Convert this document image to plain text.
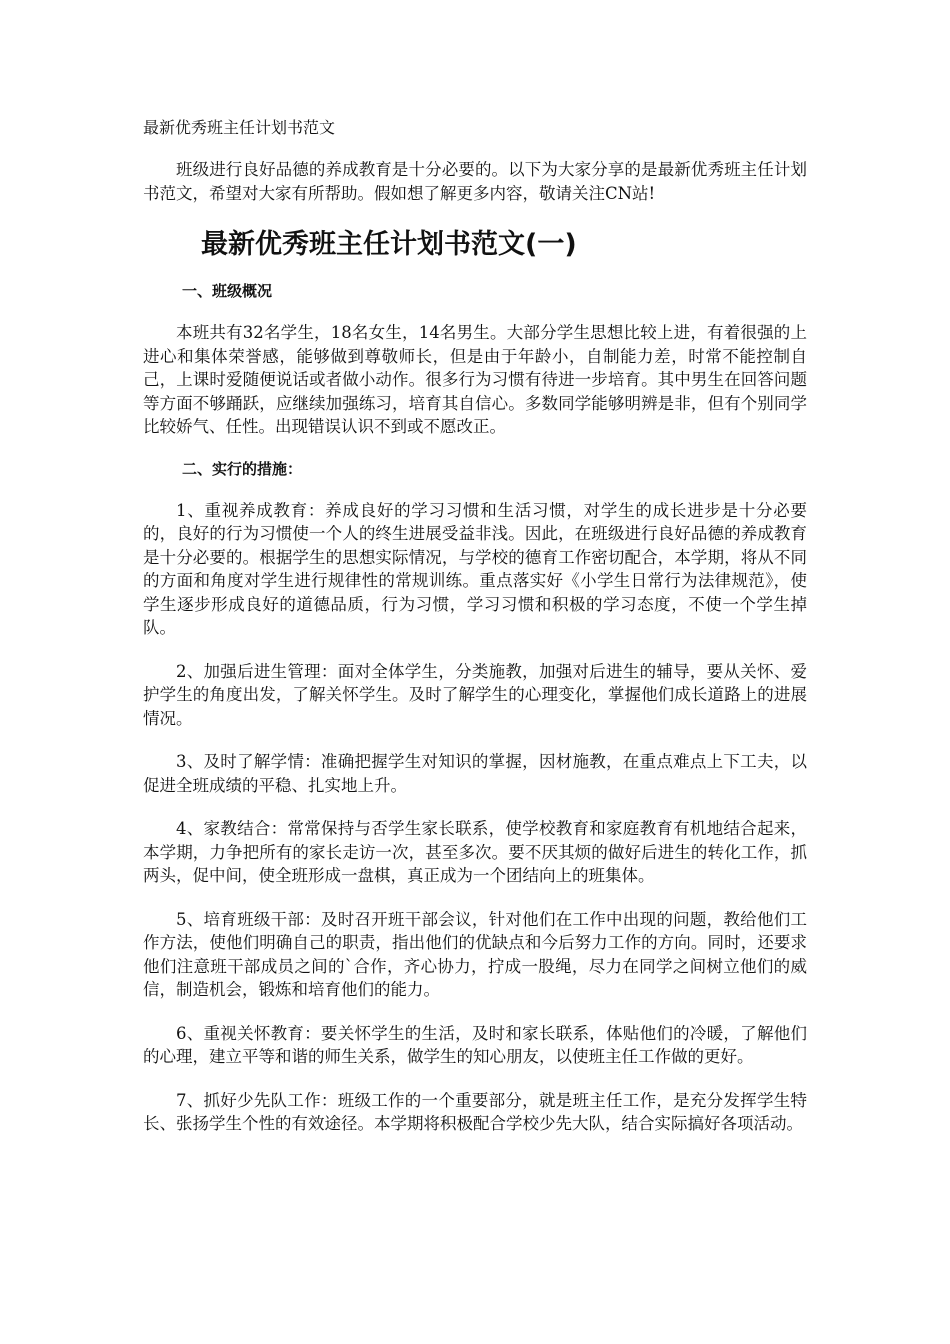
最新优秀班主任计划书范文

班级进行良好品德的养成教育是十分必要的。以下为大家分享的是最新优秀班主任计划书范文，希望对大家有所帮助。假如想了解更多内容，敬请关注CN站!

最新优秀班主任计划书范文(一)
一、班级概况

本班共有32名学生，18名女生，14名男生。大部分学生思想比较上进，有着很强的上进心和集体荣誉感，能够做到尊敬师长，但是由于年龄小，自制能力差，时常不能控制自己，上课时爱随便说话或者做小动作。很多行为习惯有待进一步培育。其中男生在回答问题等方面不够踊跃，应继续加强练习，培育其自信心。多数同学能够明辨是非，但有个别同学比较娇气、任性。出现错误认识不到或不愿改正。

二、实行的措施：

1、重视养成教育：养成良好的学习习惯和生活习惯，对学生的成长进步是十分必要的，良好的行为习惯使一个人的终生进展受益非浅。因此，在班级进行良好品德的养成教育是十分必要的。根据学生的思想实际情况，与学校的德育工作密切配合，本学期，将从不同的方面和角度对学生进行规律性的常规训练。重点落实好《小学生日常行为法律规范》，使学生逐步形成良好的道德品质，行为习惯，学习习惯和积极的学习态度，不使一个学生掉队。

2、加强后进生管理：面对全体学生，分类施教，加强对后进生的辅导，要从关怀、爱护学生的角度出发，了解关怀学生。及时了解学生的心理变化，掌握他们成长道路上的进展情况。

3、及时了解学情：准确把握学生对知识的掌握，因材施教，在重点难点上下工夫，以促进全班成绩的平稳、扎实地上升。

4、家教结合：常常保持与否学生家长联系，使学校教育和家庭教育有机地结合起来，本学期，力争把所有的家长走访一次，甚至多次。要不厌其烦的做好后进生的转化工作，抓两头，促中间，使全班形成一盘棋，真正成为一个团结向上的班集体。

5、培育班级干部：及时召开班干部会议，针对他们在工作中出现的问题，教给他们工作方法，使他们明确自己的职责，指出他们的优缺点和今后努力工作的方向。同时，还要求他们注意班干部成员之间的`合作，齐心协力，拧成一股绳，尽力在同学之间树立他们的威信，制造机会，锻炼和培育他们的能力。

6、重视关怀教育：要关怀学生的生活，及时和家长联系，体贴他们的冷暖，了解他们的心理，建立平等和谐的师生关系，做学生的知心朋友，以使班主任工作做的更好。

7、抓好少先队工作：班级工作的一个重要部分，就是班主任工作，是充分发挥学生特长、张扬学生个性的有效途径。本学期将积极配合学校少先大队，结合实际搞好各项活动。
